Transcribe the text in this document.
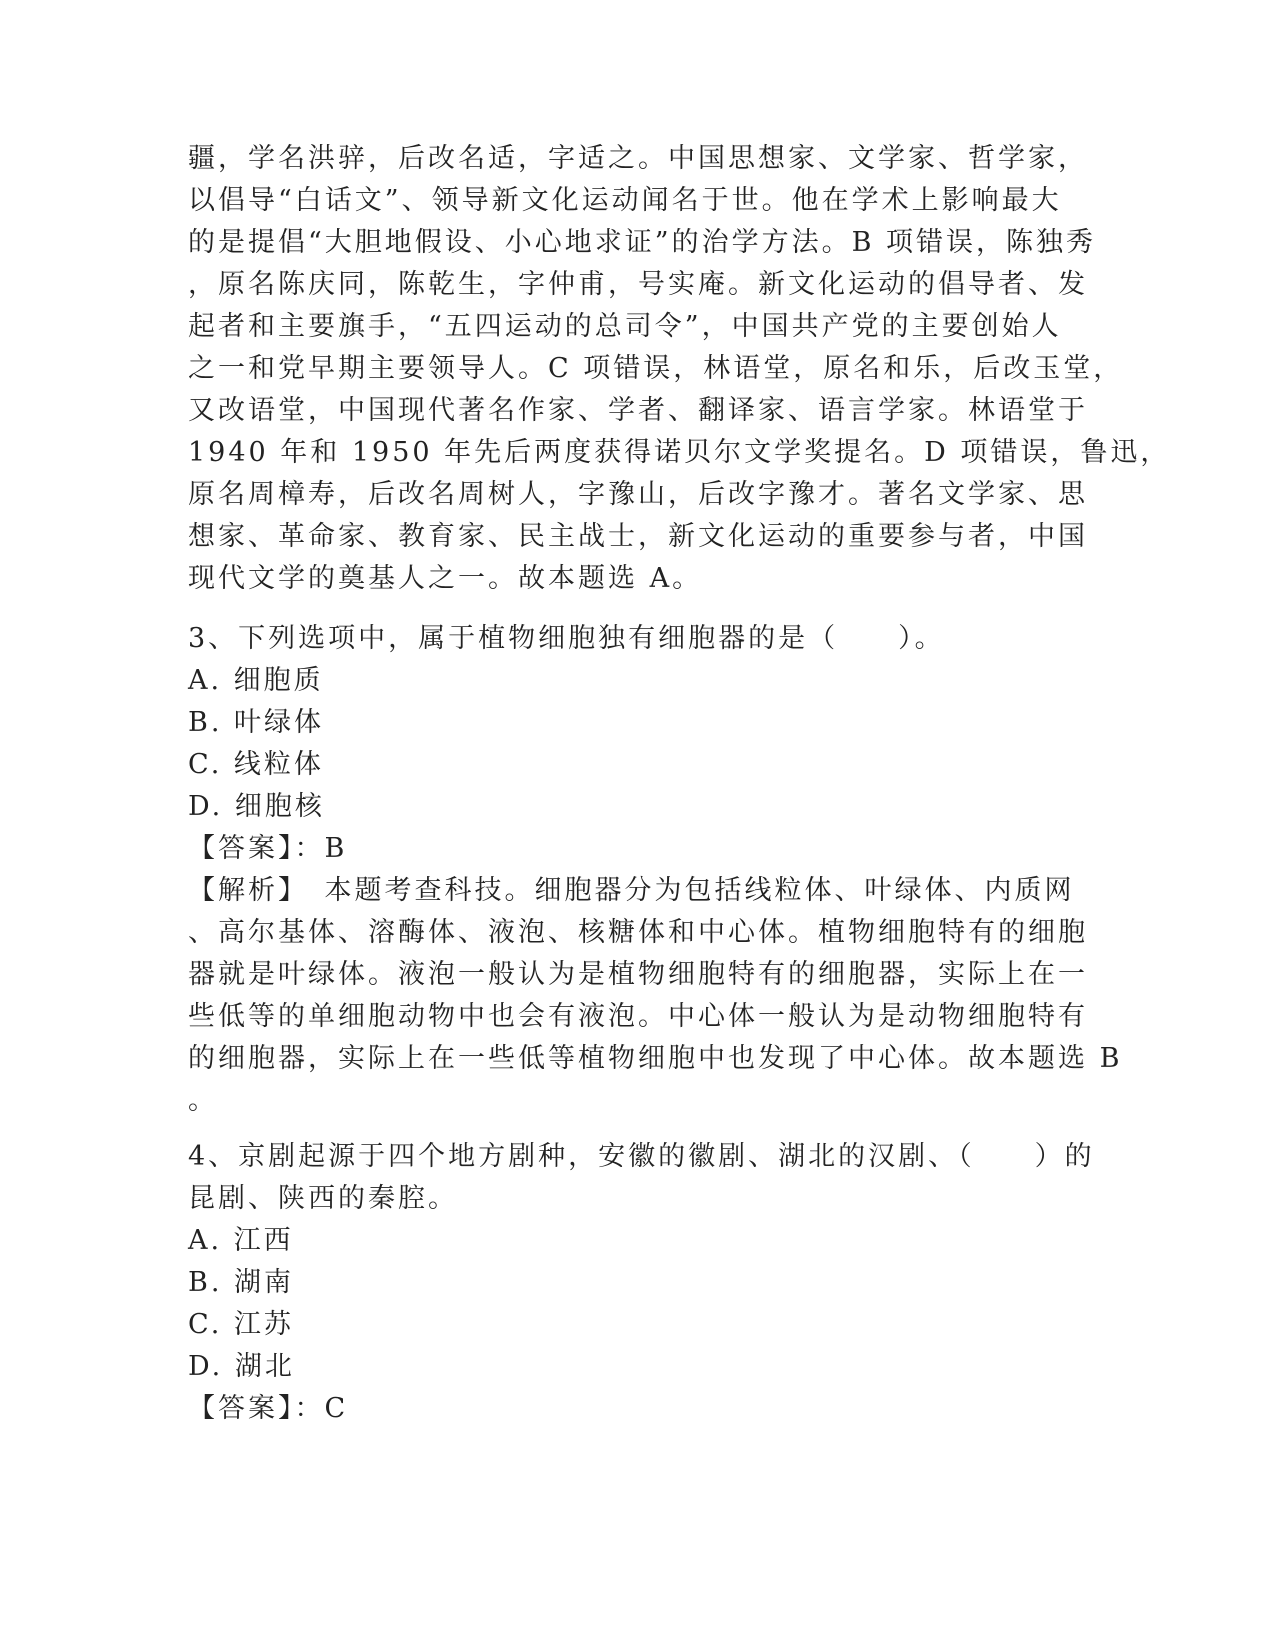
疆，学名洪骍，后改名适，字适之。中国思想家、文学家、哲学家，
以倡导“白话文”、领导新文化运动闻名于世。他在学术上影响最大
的是提倡“大胆地假设、小心地求证”的治学方法。B 项错误，陈独秀
，原名陈庆同，陈乾生，字仲甫，号实庵。新文化运动的倡导者、发
起者和主要旗手，“五四运动的总司令”，中国共产党的主要创始人
之一和党早期主要领导人。C 项错误，林语堂，原名和乐，后改玉堂，
又改语堂，中国现代著名作家、学者、翻译家、语言学家。林语堂于
1940 年和 1950 年先后两度获得诺贝尔文学奖提名。D 项错误，鲁迅，
原名周樟寿，后改名周树人，字豫山，后改字豫才。著名文学家、思
想家、革命家、教育家、民主战士，新文化运动的重要参与者，中国
现代文学的奠基人之一。故本题选 A。
3、下列选项中，属于植物细胞独有细胞器的是（　　）。
A. 细胞质
B. 叶绿体
C. 线粒体
D. 细胞核
【答案】：B
【解析】　本题考查科技。细胞器分为包括线粒体、叶绿体、内质网
、高尔基体、溶酶体、液泡、核糖体和中心体。植物细胞特有的细胞
器就是叶绿体。液泡一般认为是植物细胞特有的细胞器，实际上在一
些低等的单细胞动物中也会有液泡。中心体一般认为是动物细胞特有
的细胞器，实际上在一些低等植物细胞中也发现了中心体。故本题选 B
。
4、京剧起源于四个地方剧种，安徽的徽剧、湖北的汉剧、（　　）的
昆剧、陕西的秦腔。
A. 江西
B. 湖南
C. 江苏
D. 湖北
【答案】：C
